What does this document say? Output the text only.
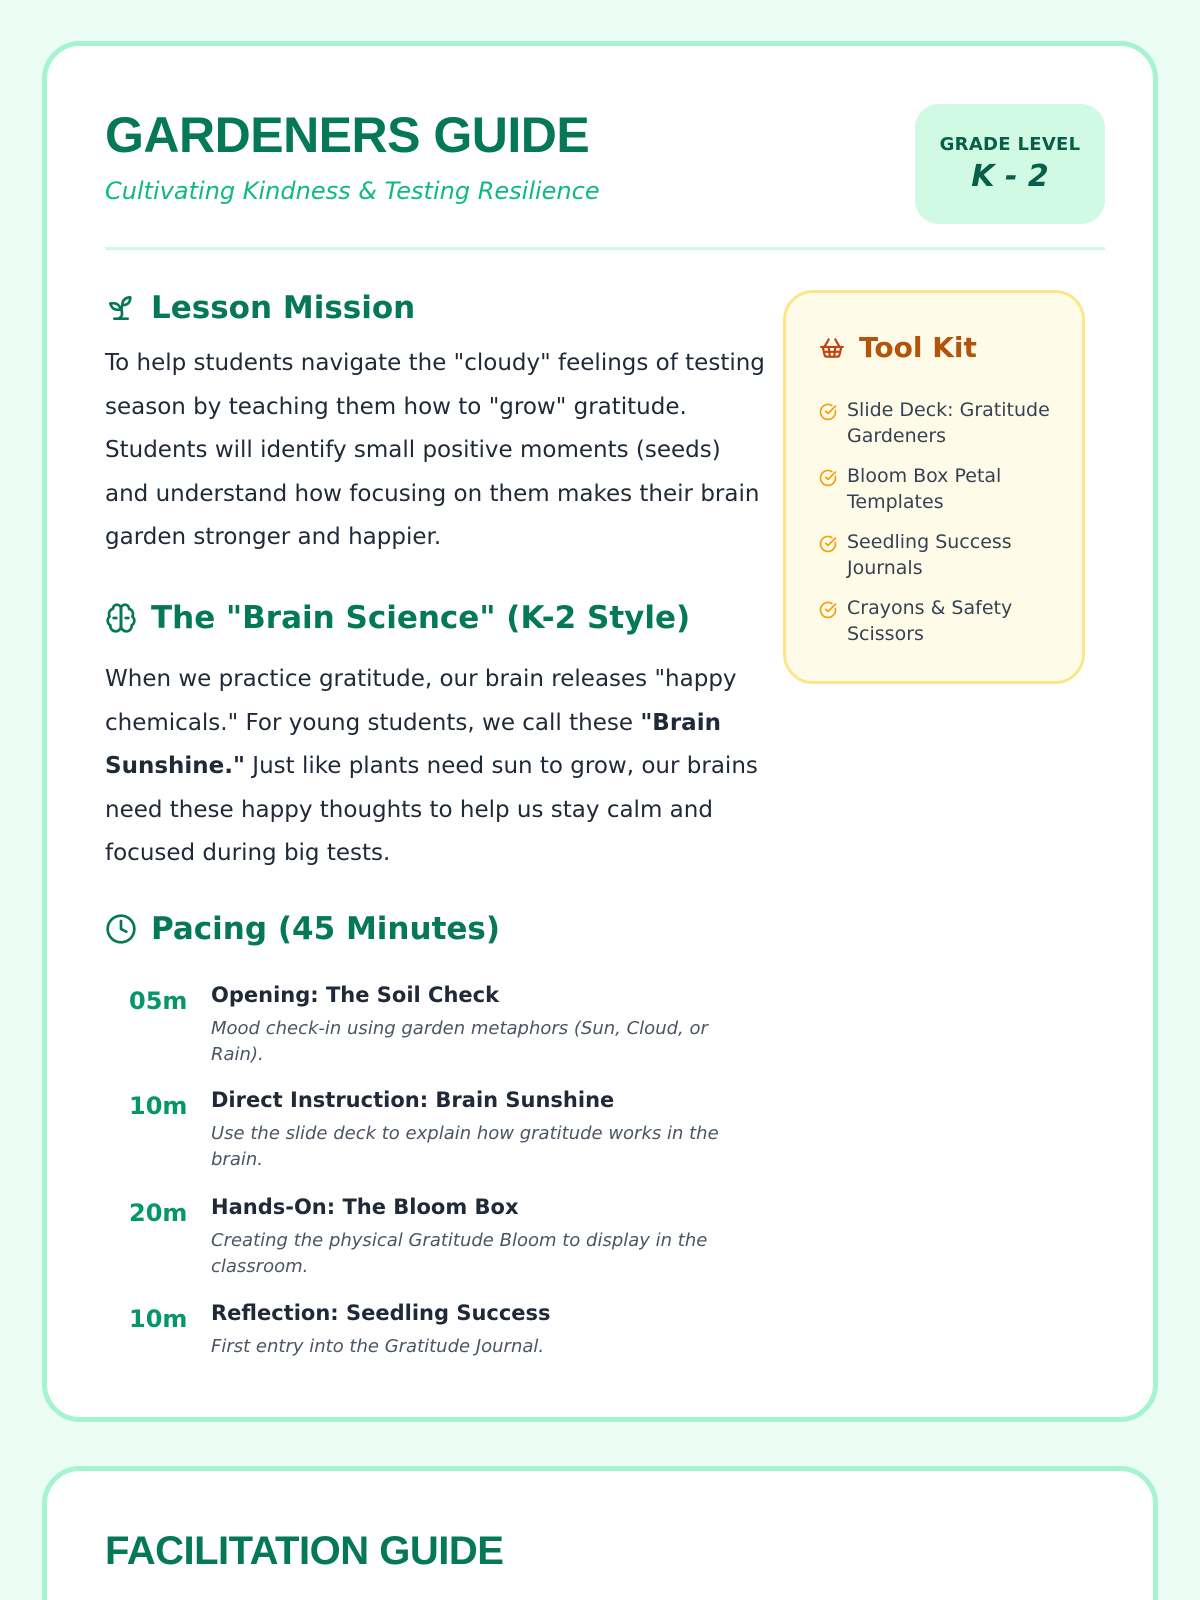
GARDENERS GUIDE
Cultivating Kindness & Testing Resilience
GRADE LEVEL
K - 2
Lesson Mission

To help students navigate the "cloudy" feelings of testing season by teaching them how to "grow" gratitude. Students will identify small positive moments (seeds) and understand how focusing on them makes their brain garden stronger and happier.

The "Brain Science" (K-2 Style)

When we practice gratitude, our brain releases "happy chemicals." For young students, we call these "Brain Sunshine." Just like plants need sun to grow, our brains need these happy thoughts to help us stay calm and focused during big tests.

Pacing (45 Minutes)
05m Opening: The Soil Check
Mood check-in using garden metaphors (Sun, Cloud, or Rain).
10m Direct Instruction: Brain Sunshine
Use the slide deck to explain how gratitude works in the brain.
20m Hands-On: The Bloom Box
Creating the physical Gratitude Bloom to display in the classroom.
10m Reflection: Seedling Success
First entry into the Gratitude Journal.
Tool Kit
Slide Deck: Gratitude Gardeners
Bloom Box Petal Templates
Seedling Success Journals
Crayons & Safety Scissors
FACILITATION GUIDE
